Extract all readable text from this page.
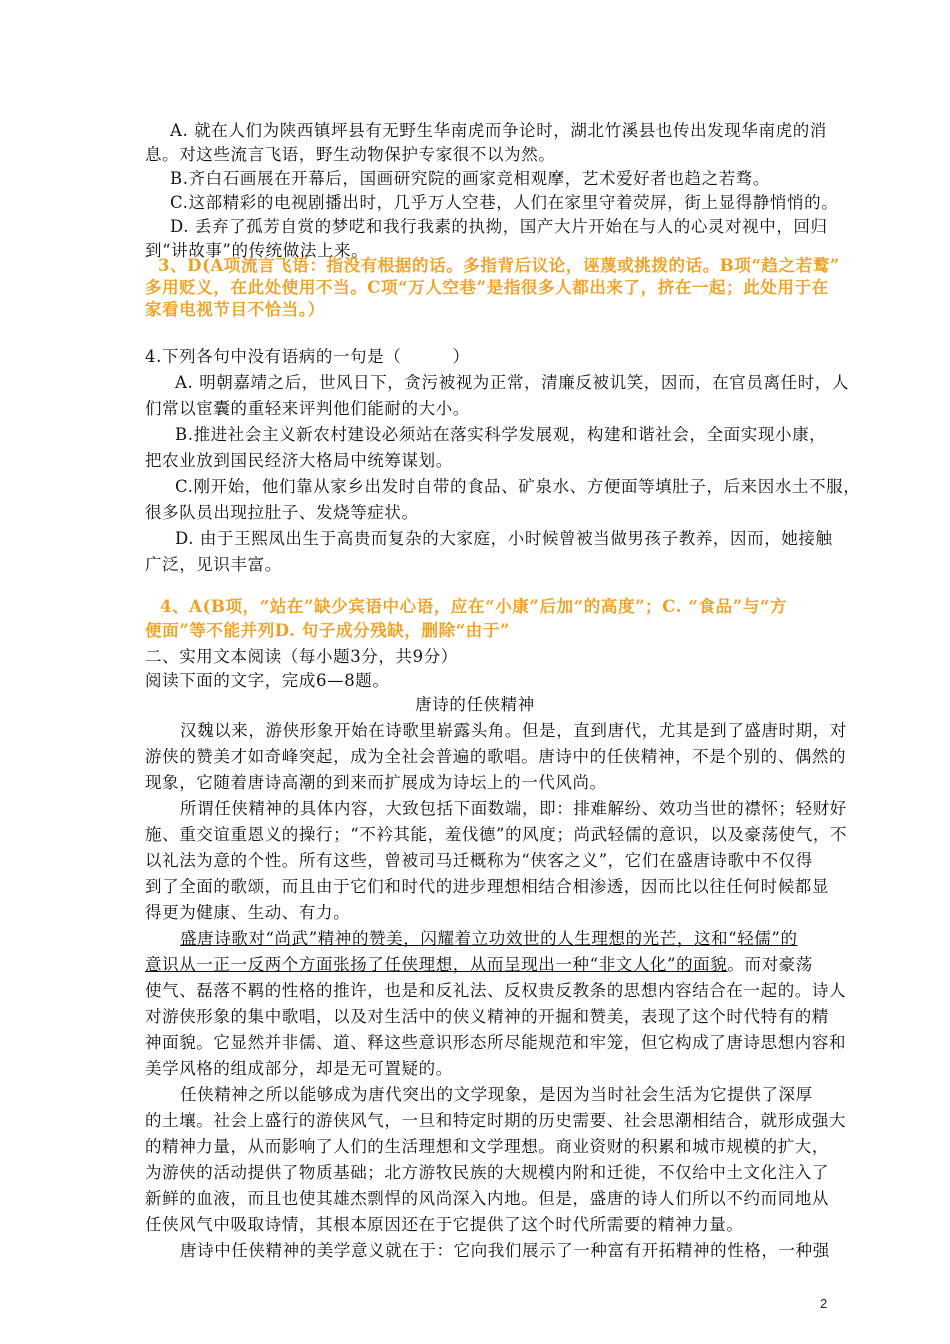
A. 就在人们为陕西镇坪县有无野生华南虎而争论时，湖北竹溪县也传出发现华南虎的消
息。对这些流言飞语，野生动物保护专家很不以为然。
B.齐白石画展在开幕后，国画研究院的画家竞相观摩，艺术爱好者也趋之若骛。
C.这部精彩的电视剧播出时，几乎万人空巷，人们在家里守着荧屏，街上显得静悄悄的。
D. 丢弃了孤芳自赏的梦呓和我行我素的执拗，国产大片开始在与人的心灵对视中，回归
到“讲故事”的传统做法上来。
3、D(A项流言飞语：指没有根据的话。多指背后议论，诬蔑或挑拨的话。B项“趋之若鹜”
多用贬义，在此处使用不当。C项“万人空巷”是指很多人都出来了，挤在一起；此处用于在
家看电视节目不恰当。）
4.下列各句中没有语病的一句是（　　　）
A. 明朝嘉靖之后，世风日下，贪污被视为正常，清廉反被讥笑，因而，在官员离任时，人
们常以宦囊的重轻来评判他们能耐的大小。
B.推进社会主义新农村建设必须站在落实科学发展观，构建和谐社会，全面实现小康，
把农业放到国民经济大格局中统筹谋划。
C.刚开始，他们靠从家乡出发时自带的食品、矿泉水、方便面等填肚子，后来因水土不服，
很多队员出现拉肚子、发烧等症状。
D. 由于王熙凤出生于高贵而复杂的大家庭，小时候曾被当做男孩子教养，因而，她接触
广泛，见识丰富。
4、A(B项，“站在”缺少宾语中心语，应在“小康”后加“的高度”；C. “食品”与“方
便面”等不能并列D. 句子成分残缺，删除“由于”
二、实用文本阅读（每小题3分，共9分）
阅读下面的文字，完成6—8题。
唐诗的任侠精神
汉魏以来，游侠形象开始在诗歌里崭露头角。但是，直到唐代，尤其是到了盛唐时期，对
游侠的赞美才如奇峰突起，成为全社会普遍的歌唱。唐诗中的任侠精神，不是个别的、偶然的
现象，它随着唐诗高潮的到来而扩展成为诗坛上的一代风尚。
所谓任侠精神的具体内容，大致包括下面数端，即：排难解纷、效功当世的襟怀；轻财好
施、重交谊重恩义的操行；“不衿其能，羞伐德”的风度；尚武轻儒的意识，以及豪荡使气，不
以礼法为意的个性。所有这些，曾被司马迁概称为“侠客之义”，它们在盛唐诗歌中不仅得
到了全面的歌颂，而且由于它们和时代的进步理想相结合相渗透，因而比以往任何时候都显
得更为健康、生动、有力。
盛唐诗歌对“尚武”精神的赞美，闪耀着立功效世的人生理想的光芒，这和“轻儒”的
意识从一正一反两个方面张扬了任侠理想，从而呈现出一种“非文人化”的面貌。而对豪荡
使气、磊落不羁的性格的推许，也是和反礼法、反权贵反教条的思想内容结合在一起的。诗人
对游侠形象的集中歌唱，以及对生活中的侠义精神的开掘和赞美，表现了这个时代特有的精
神面貌。它显然并非儒、道、释这些意识形态所尽能规范和牢笼，但它构成了唐诗思想内容和
美学风格的组成部分，却是无可置疑的。
任侠精神之所以能够成为唐代突出的文学现象，是因为当时社会生活为它提供了深厚
的土壤。社会上盛行的游侠风气，一旦和特定时期的历史需要、社会思潮相结合，就形成强大
的精神力量，从而影响了人们的生活理想和文学理想。商业资财的积累和城市规模的扩大，
为游侠的活动提供了物质基础；北方游牧民族的大规模内附和迁徙，不仅给中土文化注入了
新鲜的血液，而且也使其雄杰剽悍的风尚深入内地。但是，盛唐的诗人们所以不约而同地从
任侠风气中吸取诗情，其根本原因还在于它提供了这个时代所需要的精神力量。
唐诗中任侠精神的美学意义就在于：它向我们展示了一种富有开拓精神的性格，一种强
2
